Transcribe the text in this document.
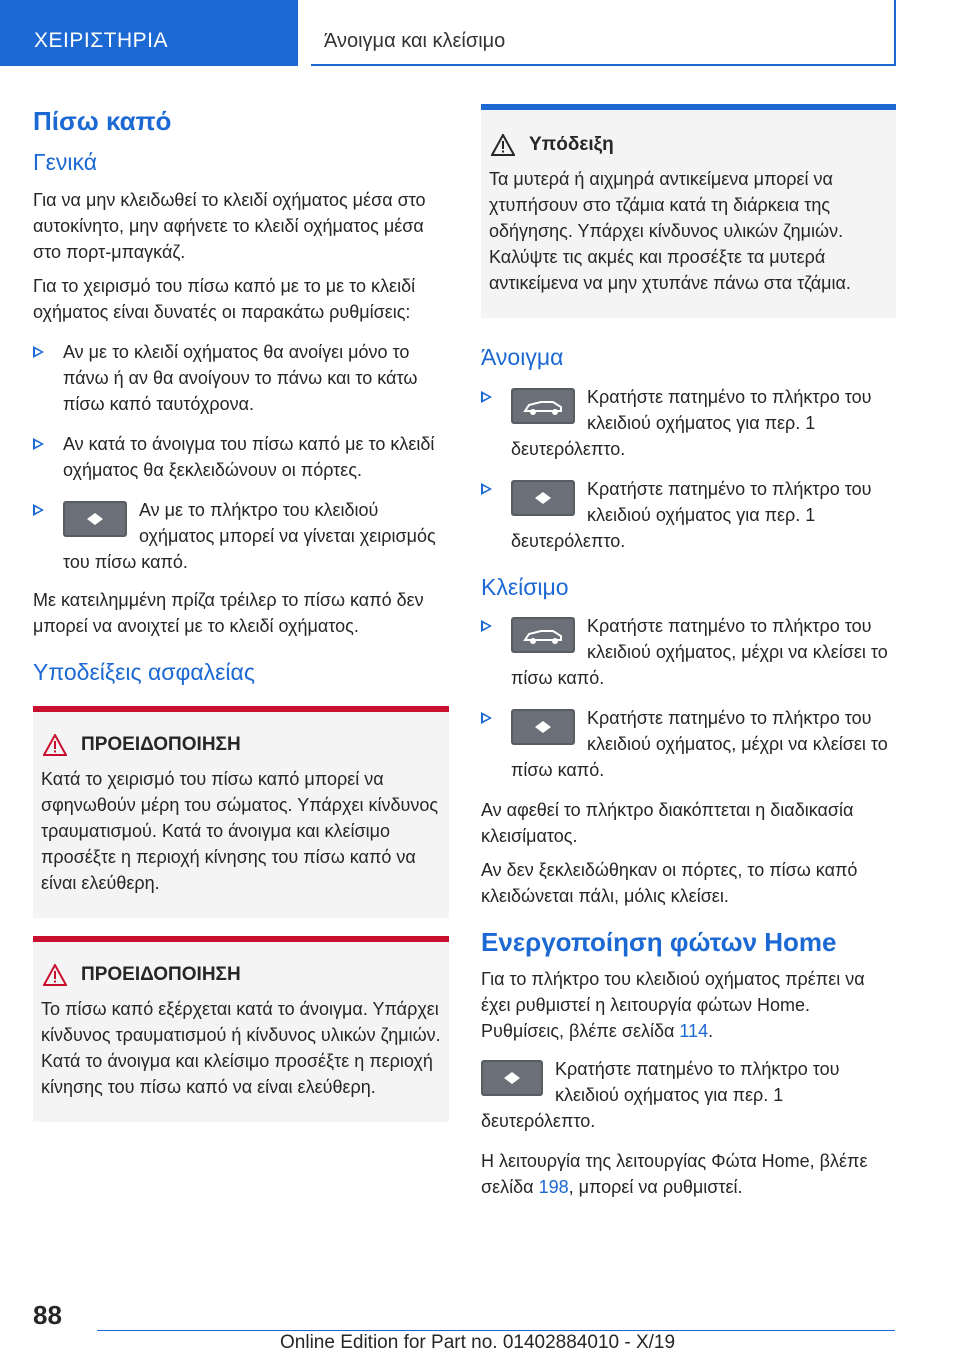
ΧΕΙΡΙΣΤΗΡΙΑ	Άνοιγμα και κλείσιμο
Πίσω καπό
Γενικά

Για να μην κλειδωθεί το κλειδί οχήματος μέσα στο αυτοκίνητο, μην αφήνετε το κλειδί οχήματος μέσα στο πορτ-μπαγκάζ.

Για το χειρισμό του πίσω καπό με το με το κλειδί οχήματος είναι δυνατές οι παρακάτω ρυθμίσεις:

Αν με το κλειδί οχήματος θα ανοίγει μόνο το πάνω ή αν θα ανοίγουν το πάνω και το κάτω πίσω καπό ταυτόχρονα.
Αν κατά το άνοιγμα του πίσω καπό με το κλειδί οχήματος θα ξεκλειδώνουν οι πόρτες.
Αν με το πλήκτρο του κλειδιού οχήματος μπορεί να γίνεται χειρισμός του πίσω καπό.

Με κατειλημμένη πρίζα τρέιλερ το πίσω καπό δεν μπορεί να ανοιχτεί με το κλειδί οχήματος.

Υποδείξεις ασφαλείας
ΠΡΟΕΙΔΟΠΟΙΗΣΗ

Κατά το χειρισμό του πίσω καπό μπορεί να σφηνωθούν μέρη του σώματος. Υπάρχει κίνδυνος τραυματισμού. Κατά το άνοιγμα και κλείσιμο προσέξτε η περιοχή κίνησης του πίσω καπό να είναι ελεύθερη.

ΠΡΟΕΙΔΟΠΟΙΗΣΗ

Το πίσω καπό εξέρχεται κατά το άνοιγμα. Υπάρχει κίνδυνος τραυματισμού ή κίνδυνος υλικών ζημιών. Κατά το άνοιγμα και κλείσιμο προσέξτε η περιοχή κίνησης του πίσω καπό να είναι ελεύθερη.

Υπόδειξη

Τα μυτερά ή αιχμηρά αντικείμενα μπορεί να χτυπήσουν στο τζάμια κατά τη διάρκεια της οδήγησης. Υπάρχει κίνδυνος υλικών ζημιών. Καλύψτε τις ακμές και προσέξτε τα μυτερά αντικείμενα να μην χτυπάνε πάνω στα τζάμια.

Άνοιγμα
Κρατήστε πατημένο το πλήκτρο του κλειδιού οχήματος για περ. 1 δευτερόλεπτο.
Κρατήστε πατημένο το πλήκτρο του κλειδιού οχήματος για περ. 1 δευτερόλεπτο.
Κλείσιμο
Κρατήστε πατημένο το πλήκτρο του κλειδιού οχήματος, μέχρι να κλείσει το πίσω καπό.
Κρατήστε πατημένο το πλήκτρο του κλειδιού οχήματος, μέχρι να κλείσει το πίσω καπό.

Αν αφεθεί το πλήκτρο διακόπτεται η διαδικασία κλεισίματος.

Αν δεν ξεκλειδώθηκαν οι πόρτες, το πίσω καπό κλειδώνεται πάλι, μόλις κλείσει.

Ενεργοποίηση φώτων Home

Για το πλήκτρο του κλειδιού οχήματος πρέπει να έχει ρυθμιστεί η λειτουργία φώτων Home. Ρυθμίσεις, βλέπε σελίδα 114.

Κρατήστε πατημένο το πλήκτρο του κλειδιού οχήματος για περ. 1 δευτερόλεπτο.

Η λειτουργία της λειτουργίας Φώτα Home, βλέπε σελίδα 198, μπορεί να ρυθμιστεί.

88
Online Edition for Part no. 01402884010 - X/19
